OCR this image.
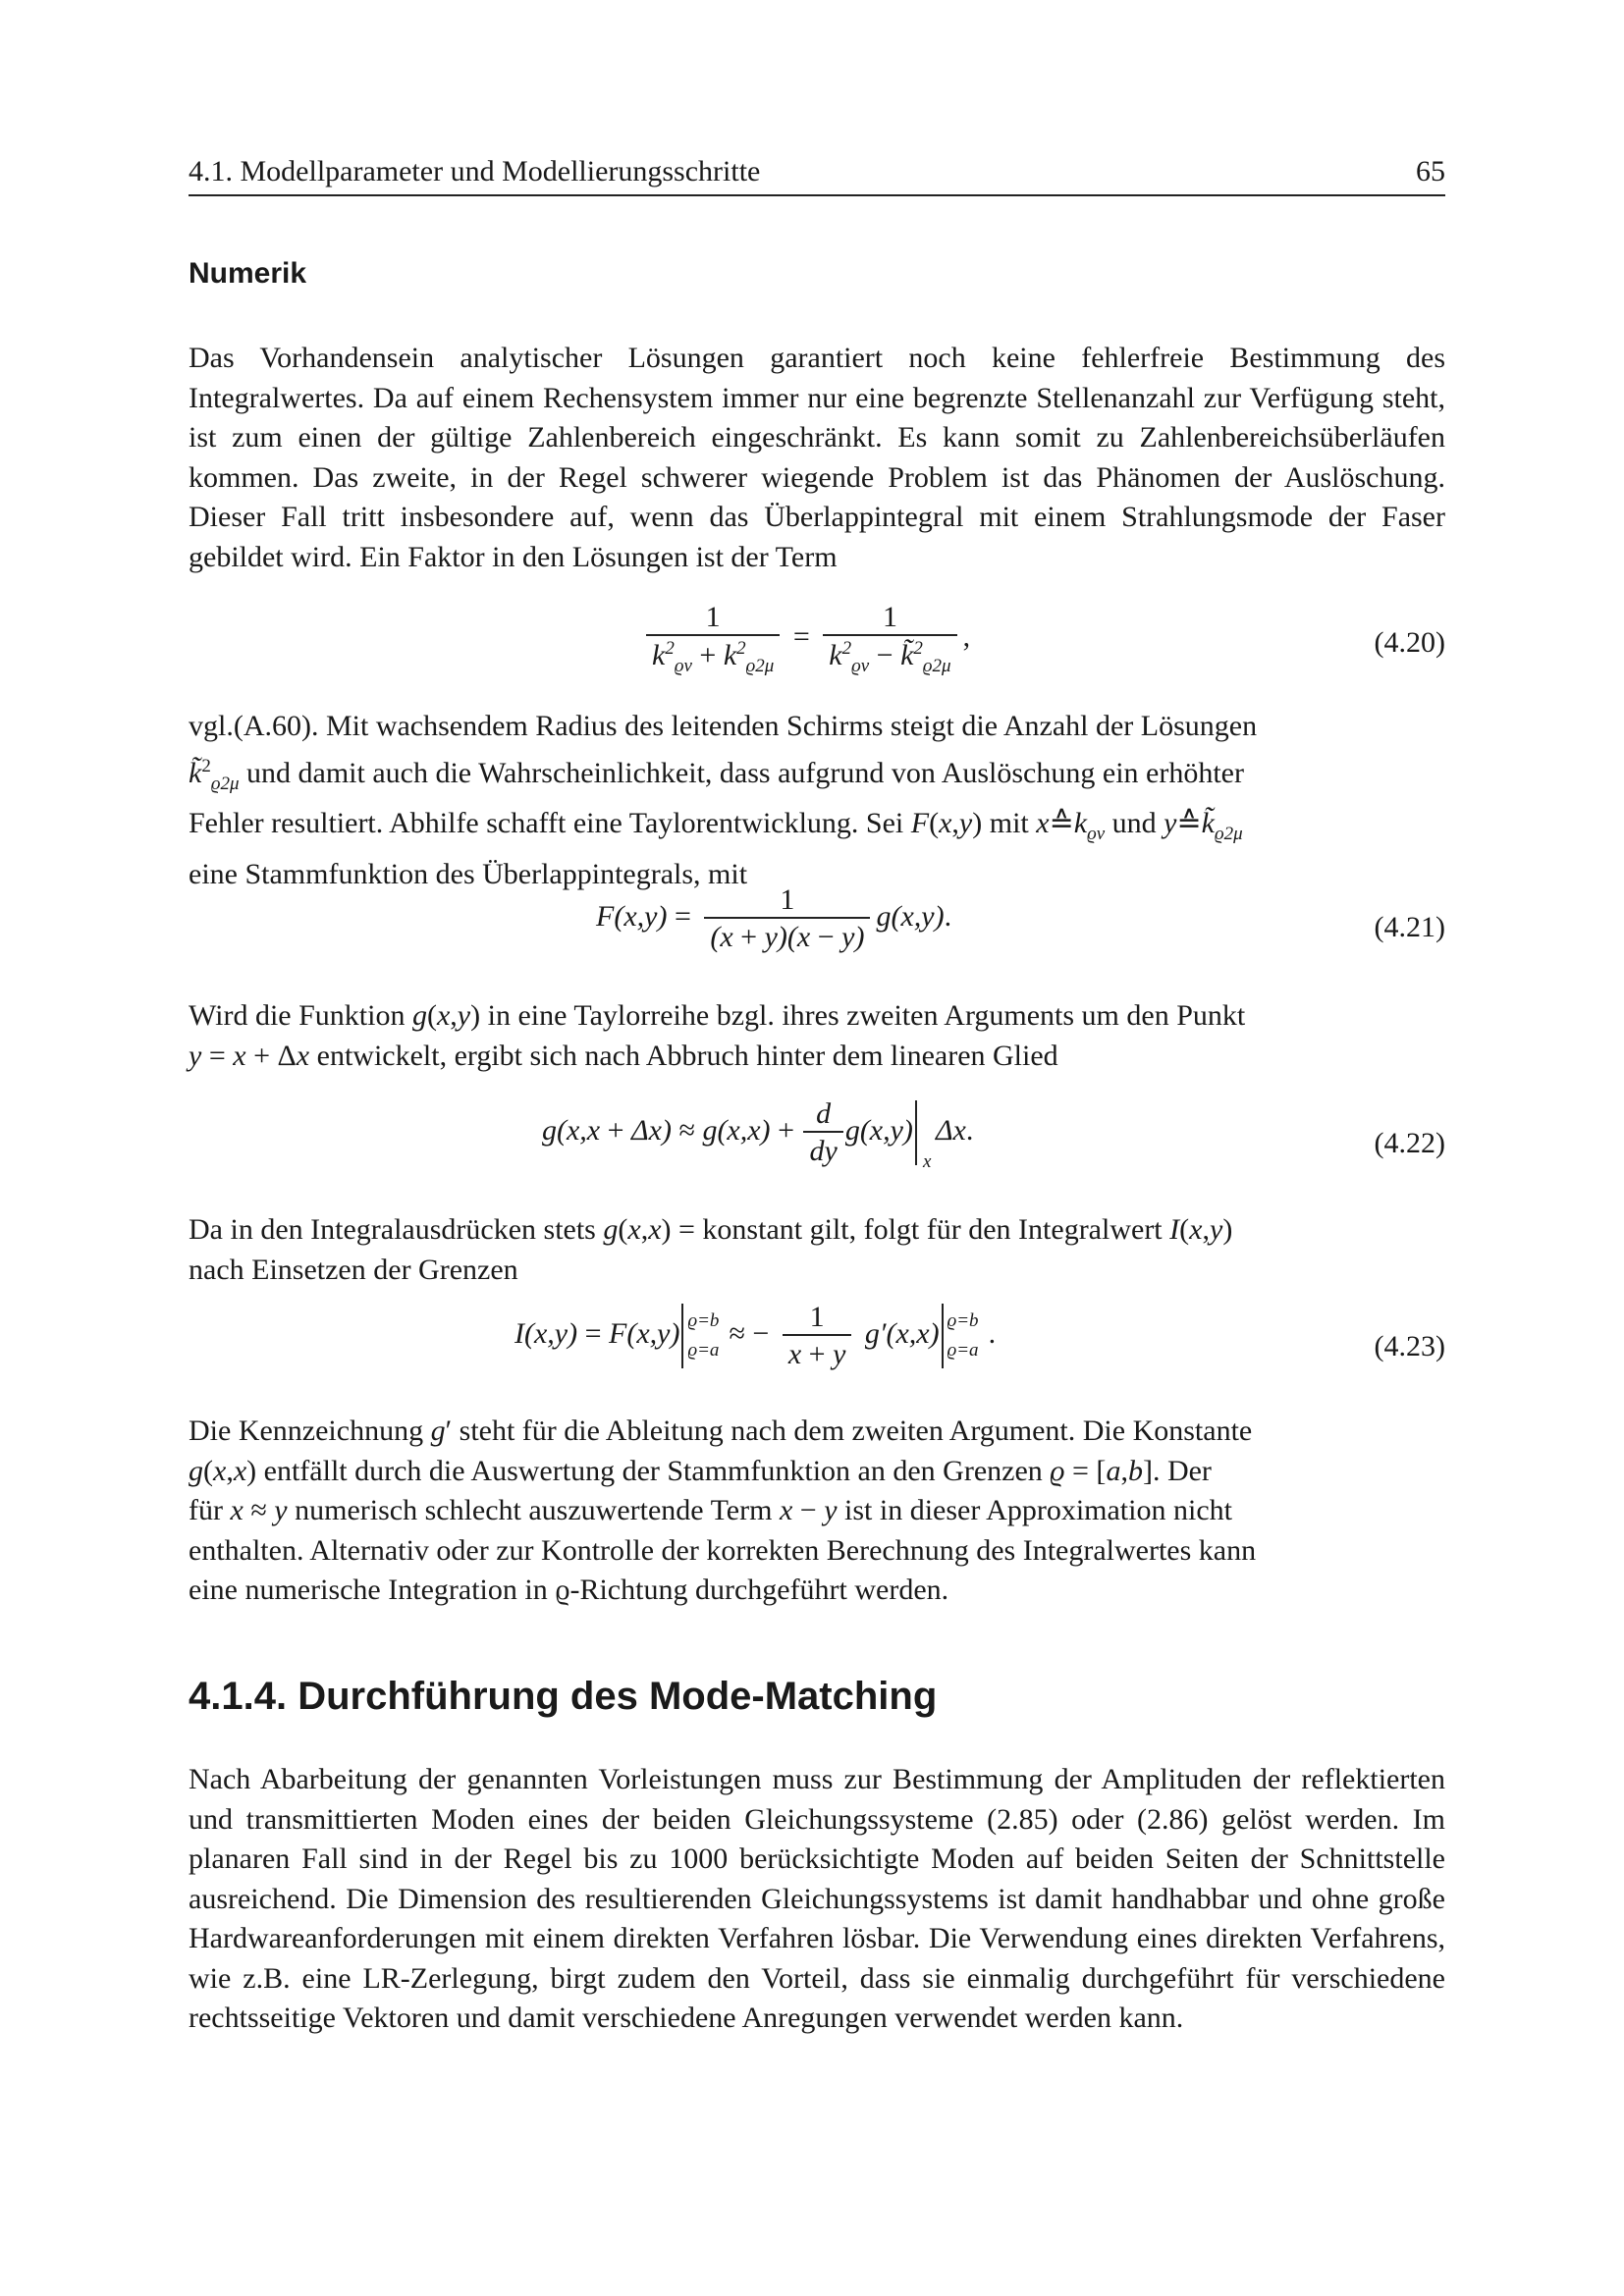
4.1. Modellparameter und Modellierungsschritte	65
Numerik
Das Vorhandensein analytischer Lösungen garantiert noch keine fehlerfreie Bestimmung des Integralwertes. Da auf einem Rechensystem immer nur eine begrenzte Stellenanzahl zur Verfügung steht, ist zum einen der gültige Zahlenbereich eingeschränkt. Es kann somit zu Zahlenbereichsüberläufen kommen. Das zweite, in der Regel schwerer wiegende Problem ist das Phänomen der Auslöschung. Dieser Fall tritt insbesondere auf, wenn das Überlappintegral mit einem Strahlungsmode der Faser gebildet wird. Ein Faktor in den Lösungen ist der Term
$\frac{1}{k^2_{ϱ\nu} + k^2_{ϱ2\mu}} = \frac{1}{k^2_{ϱ\nu} - k̃^2_{ϱ2\mu}}$ ,	(4.20)
vgl.(A.60). Mit wachsendem Radius des leitenden Schirms steigt die Anzahl der Lösungen
k̃$^2_{ϱ2\mu}$ und damit auch die Wahrscheinlichkeit, dass aufgrund von Auslöschung ein erhöhter
Fehler resultiert. Abhilfe schafft eine Taylorentwicklung. Sei F(x,y) mit $x≙k_{ϱ\nu}$ und $y≙k̃_{ϱ2\mu}$
eine Stammfunktion des Überlappintegrals, mit
$F(x,y) = \frac{1}{(x + y)(x - y)} g(x,y)$.	(4.21)
Wird die Funktion g(x,y) in eine Taylorreihe bzgl. ihres zweiten Arguments um den Punkt
y = x + Δx entwickelt, ergibt sich nach Abbruch hinter dem linearen Glied
$g(x,x + \Delta x) \approx g(x,x) + \frac{d}{dy} g(x,y)$
x
Δx.	(4.22)
Da in den Integralausdrücken stets g(x,x) = konstant gilt, folgt für den Integralwert I(x,y)
nach Einsetzen der Grenzen
I(x,y) = F(x,y) ϱ=b
ϱ=a
≈ − $\frac{1}{x + y} g'(x,x)$ ϱ=b
ϱ=a
.	(4.23)
Die Kennzeichnung g′ steht für die Ableitung nach dem zweiten Argument. Die Konstante
g(x,x) entfällt durch die Auswertung der Stammfunktion an den Grenzen ϱ = [a,b]. Der
für x ≈ y numerisch schlecht auszuwertende Term x − y ist in dieser Approximation nicht
enthalten. Alternativ oder zur Kontrolle der korrekten Berechnung des Integralwertes kann
eine numerische Integration in ϱ-Richtung durchgeführt werden.
4.1.4. Durchführung des Mode-Matching
Nach Abarbeitung der genannten Vorleistungen muss zur Bestimmung der Amplituden der reflektierten und transmittierten Moden eines der beiden Gleichungssysteme (2.85) oder (2.86) gelöst werden. Im planaren Fall sind in der Regel bis zu 1000 berücksichtigte Moden auf beiden Seiten der Schnittstelle ausreichend. Die Dimension des resultierenden Gleichungssystems ist damit handhabbar und ohne große Hardwareanforderungen mit einem direkten Verfahren lösbar. Die Verwendung eines direkten Verfahrens, wie z.B. eine LR-Zerlegung, birgt zudem den Vorteil, dass sie einmalig durchgeführt für verschiedene rechtsseitige Vektoren und damit verschiedene Anregungen verwendet werden kann.
